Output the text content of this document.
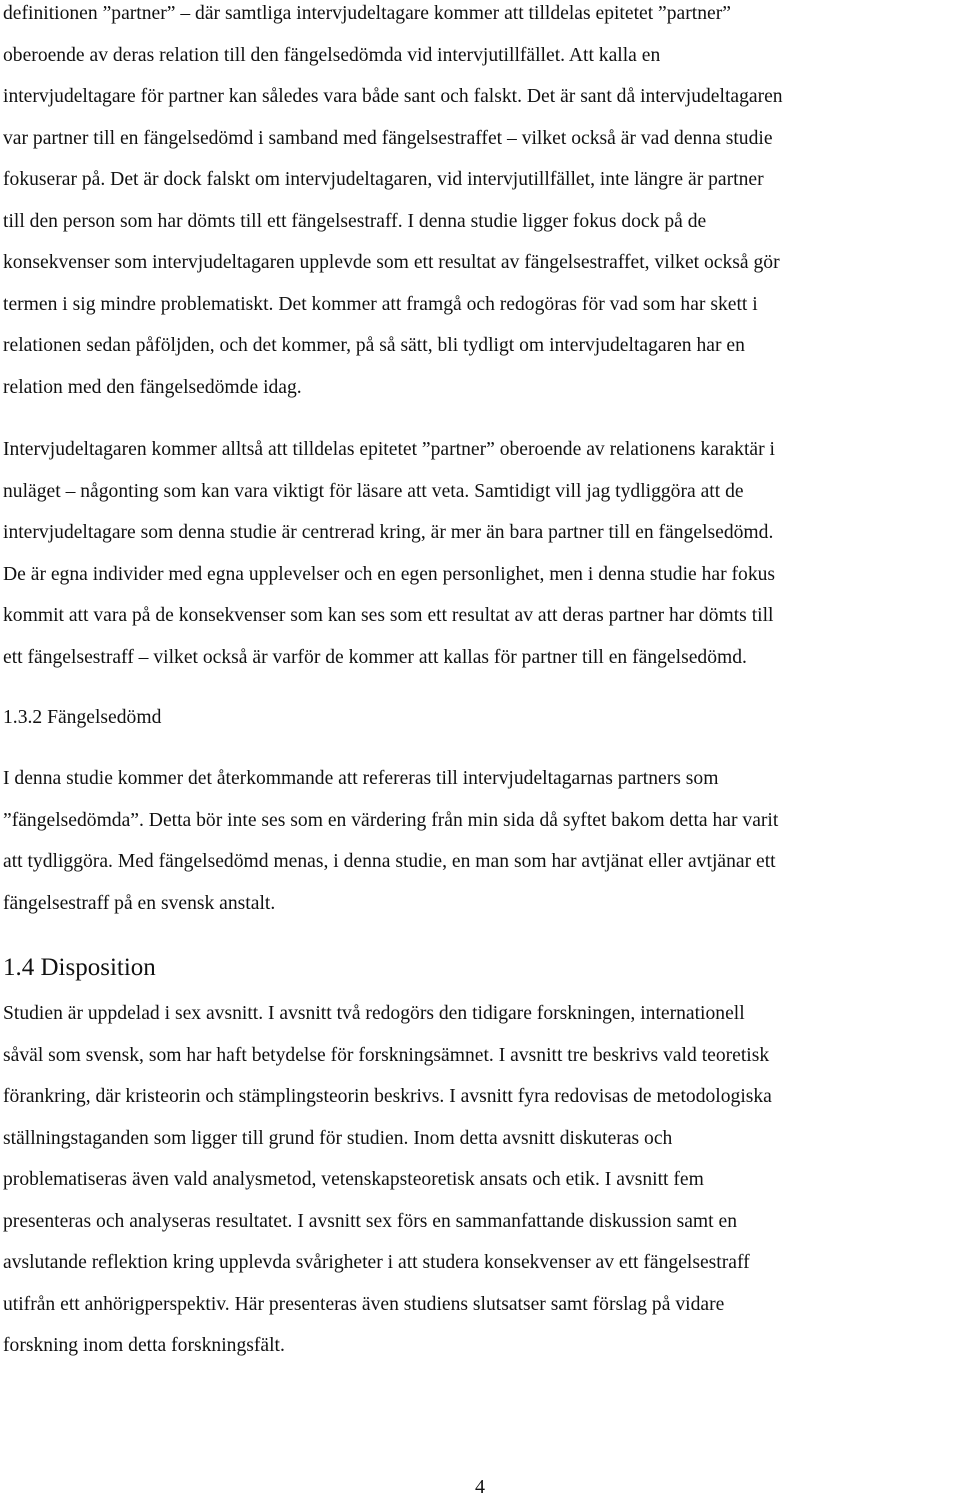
definitionen ”partner” – där samtliga intervjudeltagare kommer att tilldelas epitetet ”partner”
oberoende av deras relation till den fängelsedömda vid intervjutillfället. Att kalla en
intervjudeltagare för partner kan således vara både sant och falskt. Det är sant då intervjudeltagaren
var partner till en fängelsedömd i samband med fängelsestraffet – vilket också är vad denna studie
fokuserar på. Det är dock falskt om intervjudeltagaren, vid intervjutillfället, inte längre är partner
till den person som har dömts till ett fängelsestraff. I denna studie ligger fokus dock på de
konsekvenser som intervjudeltagaren upplevde som ett resultat av fängelsestraffet, vilket också gör
termen i sig mindre problematiskt. Det kommer att framgå och redogöras för vad som har skett i
relationen sedan påföljden, och det kommer, på så sätt, bli tydligt om intervjudeltagaren har en
relation med den fängelsedömde idag.

Intervjudeltagaren kommer alltså att tilldelas epitetet ”partner” oberoende av relationens karaktär i
nuläget – någonting som kan vara viktigt för läsare att veta. Samtidigt vill jag tydliggöra att de
intervjudeltagare som denna studie är centrerad kring, är mer än bara partner till en fängelsedömd.
De är egna individer med egna upplevelser och en egen personlighet, men i denna studie har fokus
kommit att vara på de konsekvenser som kan ses som ett resultat av att deras partner har dömts till
ett fängelsestraff – vilket också är varför de kommer att kallas för partner till en fängelsedömd.

1.3.2 Fängelsedömd

I denna studie kommer det återkommande att refereras till intervjudeltagarnas partners som
”fängelsedömda”. Detta bör inte ses som en värdering från min sida då syftet bakom detta har varit
att tydliggöra. Med fängelsedömd menas, i denna studie, en man som har avtjänat eller avtjänar ett
fängelsestraff på en svensk anstalt.

1.4 Disposition

Studien är uppdelad i sex avsnitt. I avsnitt två redogörs den tidigare forskningen, internationell
såväl som svensk, som har haft betydelse för forskningsämnet. I avsnitt tre beskrivs vald teoretisk
förankring, där kristeorin och stämplingsteorin beskrivs. I avsnitt fyra redovisas de metodologiska
ställningstaganden som ligger till grund för studien. Inom detta avsnitt diskuteras och
problematiseras även vald analysmetod, vetenskapsteoretisk ansats och etik. I avsnitt fem
presenteras och analyseras resultatet. I avsnitt sex förs en sammanfattande diskussion samt en
avslutande reflektion kring upplevda svårigheter i att studera konsekvenser av ett fängelsestraff
utifrån ett anhörigperspektiv. Här presenteras även studiens slutsatser samt förslag på vidare
forskning inom detta forskningsfält.

4
